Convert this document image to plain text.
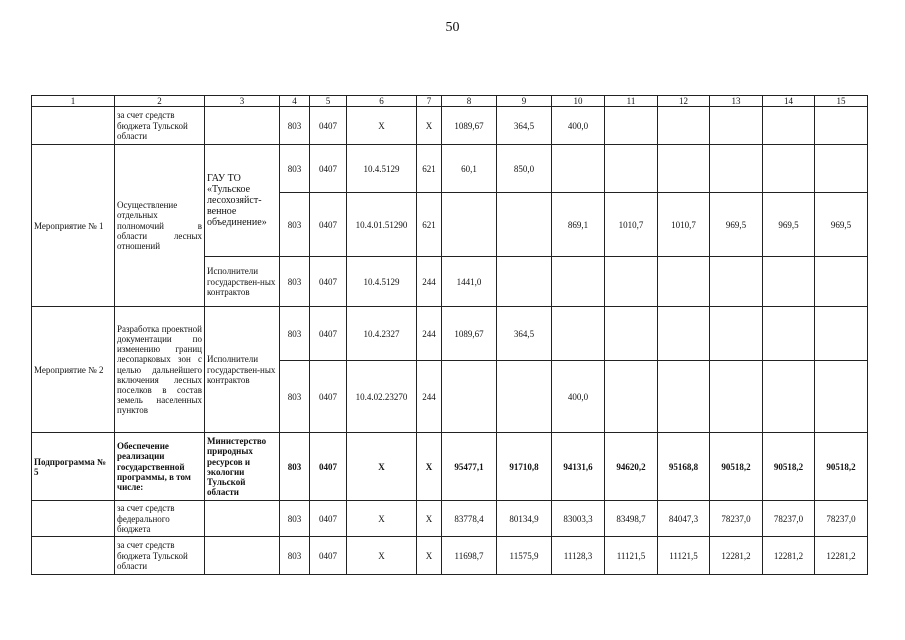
50
1	2	3	4	5	6	7	8	9	10	11	12	13	14	15
	за счет средств бюджета Тульской области		803	0407	X	X	1089,67	364,5	400,0					
Мероприятие № 1	Осуществление отдельных полномочий в области лесных отношений	ГАУ ТО «Тульское лесохозяйст-венное объединение»	803	0407	10.4.5129	621	60,1	850,0						
			803	0407	10.4.01.51290	621			869,1	1010,7	1010,7	969,5	969,5	969,5
		Исполнители государствен-ных контрактов	803	0407	10.4.5129	244	1441,0							
Мероприятие № 2	Разработка проектной документации по изменению границ лесопарковых зон с целью дальнейшего включения лесных поселков в состав земель населенных пунктов	Исполнители государствен-ных контрактов	803	0407	10.4.2327	244	1089,67	364,5						
			803	0407	10.4.02.23270	244			400,0					
Подпрограмма № 5	Обеспечение реализации государственной программы, в том числе:	Министерство природных ресурсов и экологии Тульской области	803	0407	X	X	95477,1	91710,8	94131,6	94620,2	95168,8	90518,2	90518,2	90518,2
	за счет средств федерального бюджета		803	0407	X	X	83778,4	80134,9	83003,3	83498,7	84047,3	78237,0	78237,0	78237,0
	за счет средств бюджета Тульской области		803	0407	X	X	11698,7	11575,9	11128,3	11121,5	11121,5	12281,2	12281,2	12281,2
